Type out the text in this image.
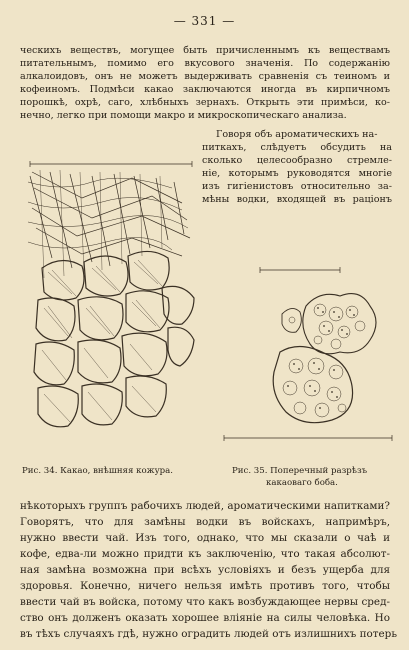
— 331 —
ческихъ веществъ, могущее быть причисленнымъ къ веществамъ
питательнымъ, помимо его вкусового значенія. По содержанію
алкалоидовъ, онъ не можетъ выдерживать сравненія съ теиномъ и
кофеиномъ. Подмѣси какао заключаются иногда въ кирпичномъ
порошкѣ, охрѣ, саго, хлѣбныхъ зернахъ. Открыть эти примѣси, ко-
нечно, легко при помощи макро и микроскопическаго анализа.
Говоря объ ароматическихъ на-
питкахъ, слѣдуетъ обсудить на
сколько целесообразно стремле-
ніе, которымъ руководятся многіе
изъ гигіенистовъ относительно за-
мѣны водки, входящей въ раціонъ
Рис. 34. Какао, внѣшняя кожура.	Рис. 35. Поперечный разрѣзъ
какаоваго боба.
нѣкоторыхъ группъ рабочихъ людей, ароматическими напитками?
Говорятъ, что для замѣны водки въ войскахъ, напримѣръ,
нужно ввести чай. Изъ того, однако, что мы сказали о чаѣ и
кофе, едва-ли можно придти къ заключенію, что такая абсолют-
ная замѣна возможна при всѣхъ условіяхъ и безъ ущерба для
здоровья. Конечно, ничего нельзя имѣть противъ того, чтобы
ввести чай въ войска, потому что какъ возбуждающее нервы сред-
ство онъ долженъ оказать хорошее вліяніе на силы человѣка. Но
въ тѣхъ случаяхъ гдѣ, нужно оградить людей отъ излишнихъ потерь
